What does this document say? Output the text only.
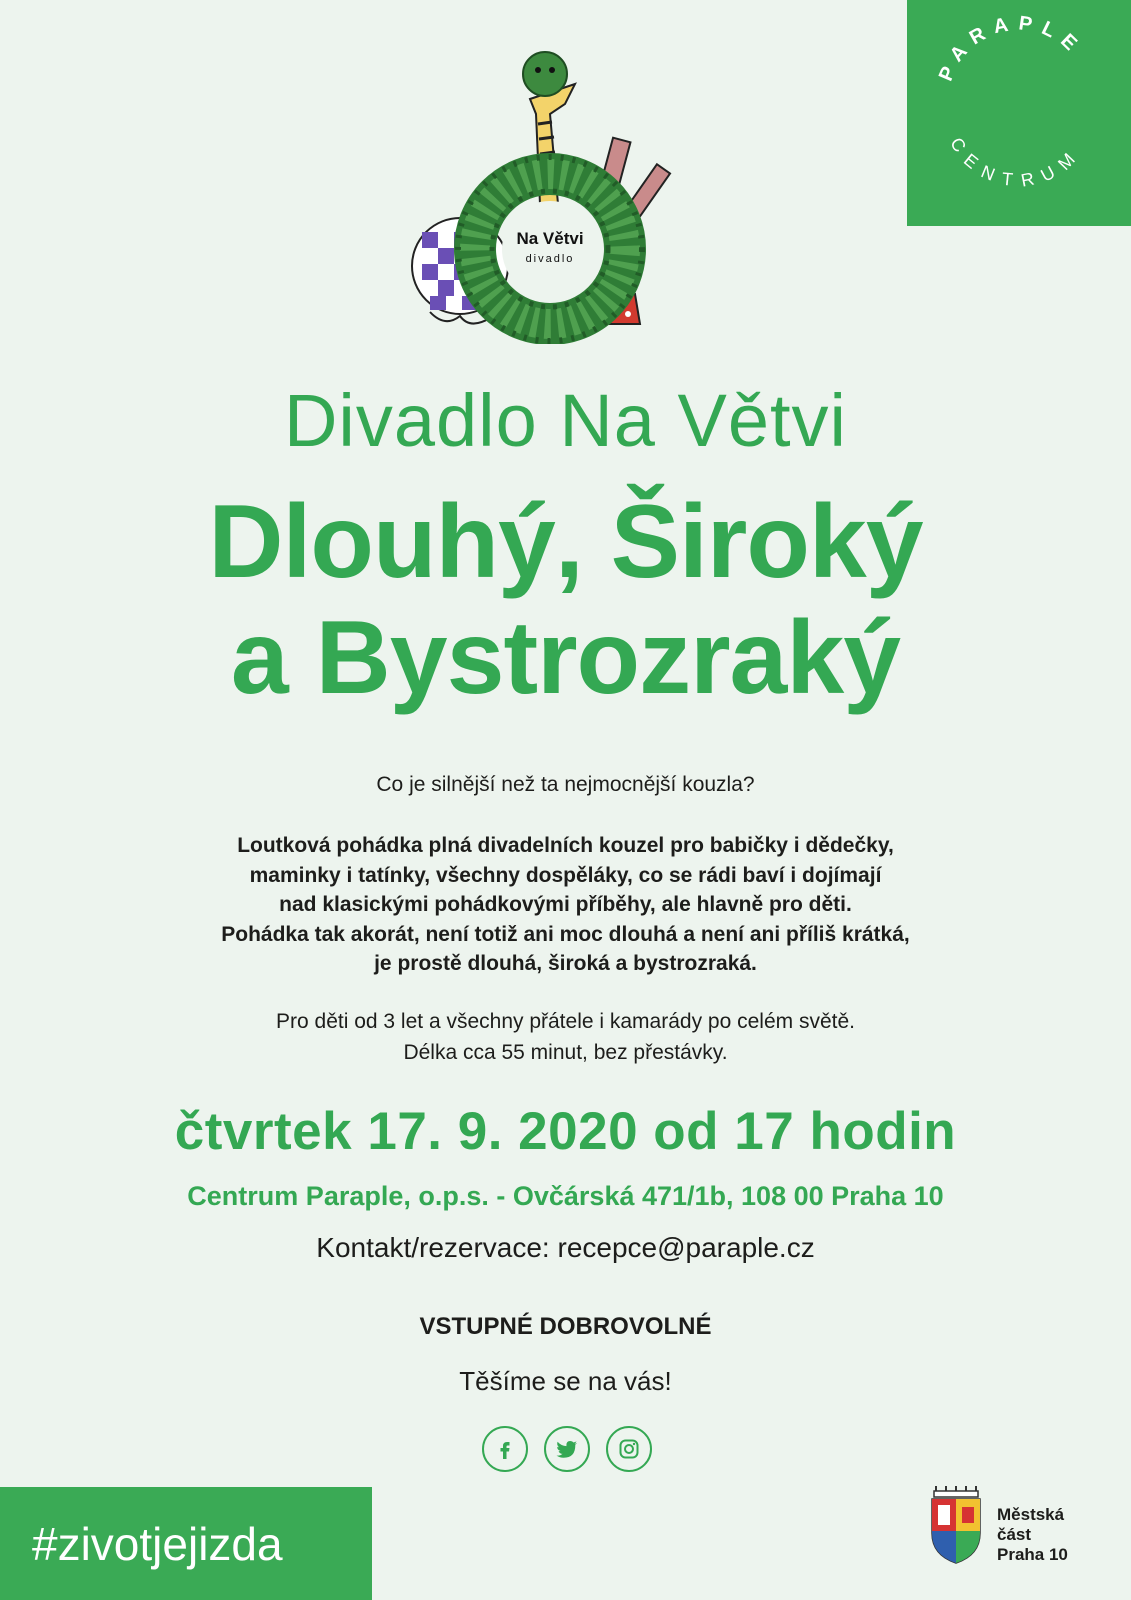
PARAPLE
CENTRUM
Na Větvi
divadlo
Divadlo Na Větvi
Dlouhý, Široký
a Bystrozraký
Co je silnější než ta nejmocnější kouzla?
Loutková pohádka plná divadelních kouzel pro babičky i dědečky,
maminky i tatínky, všechny dospěláky, co se rádi baví i dojímají
nad klasickými pohádkovými příběhy, ale hlavně pro děti.
Pohádka tak akorát, není totiž ani moc dlouhá a není ani příliš krátká,
je prostě dlouhá, široká a bystrozraká.
Pro děti od 3 let a všechny přátele i kamarády po celém světě.
Délka cca 55 minut, bez přestávky.
čtvrtek 17. 9. 2020 od 17 hodin
Centrum Paraple, o.p.s. - Ovčárská 471/1b, 108 00 Praha 10
Kontakt/rezervace: recepce@paraple.cz
VSTUPNÉ DOBROVOLNÉ
Těšíme se na vás!
#zivotjejizda
Městská
část
Praha 10
